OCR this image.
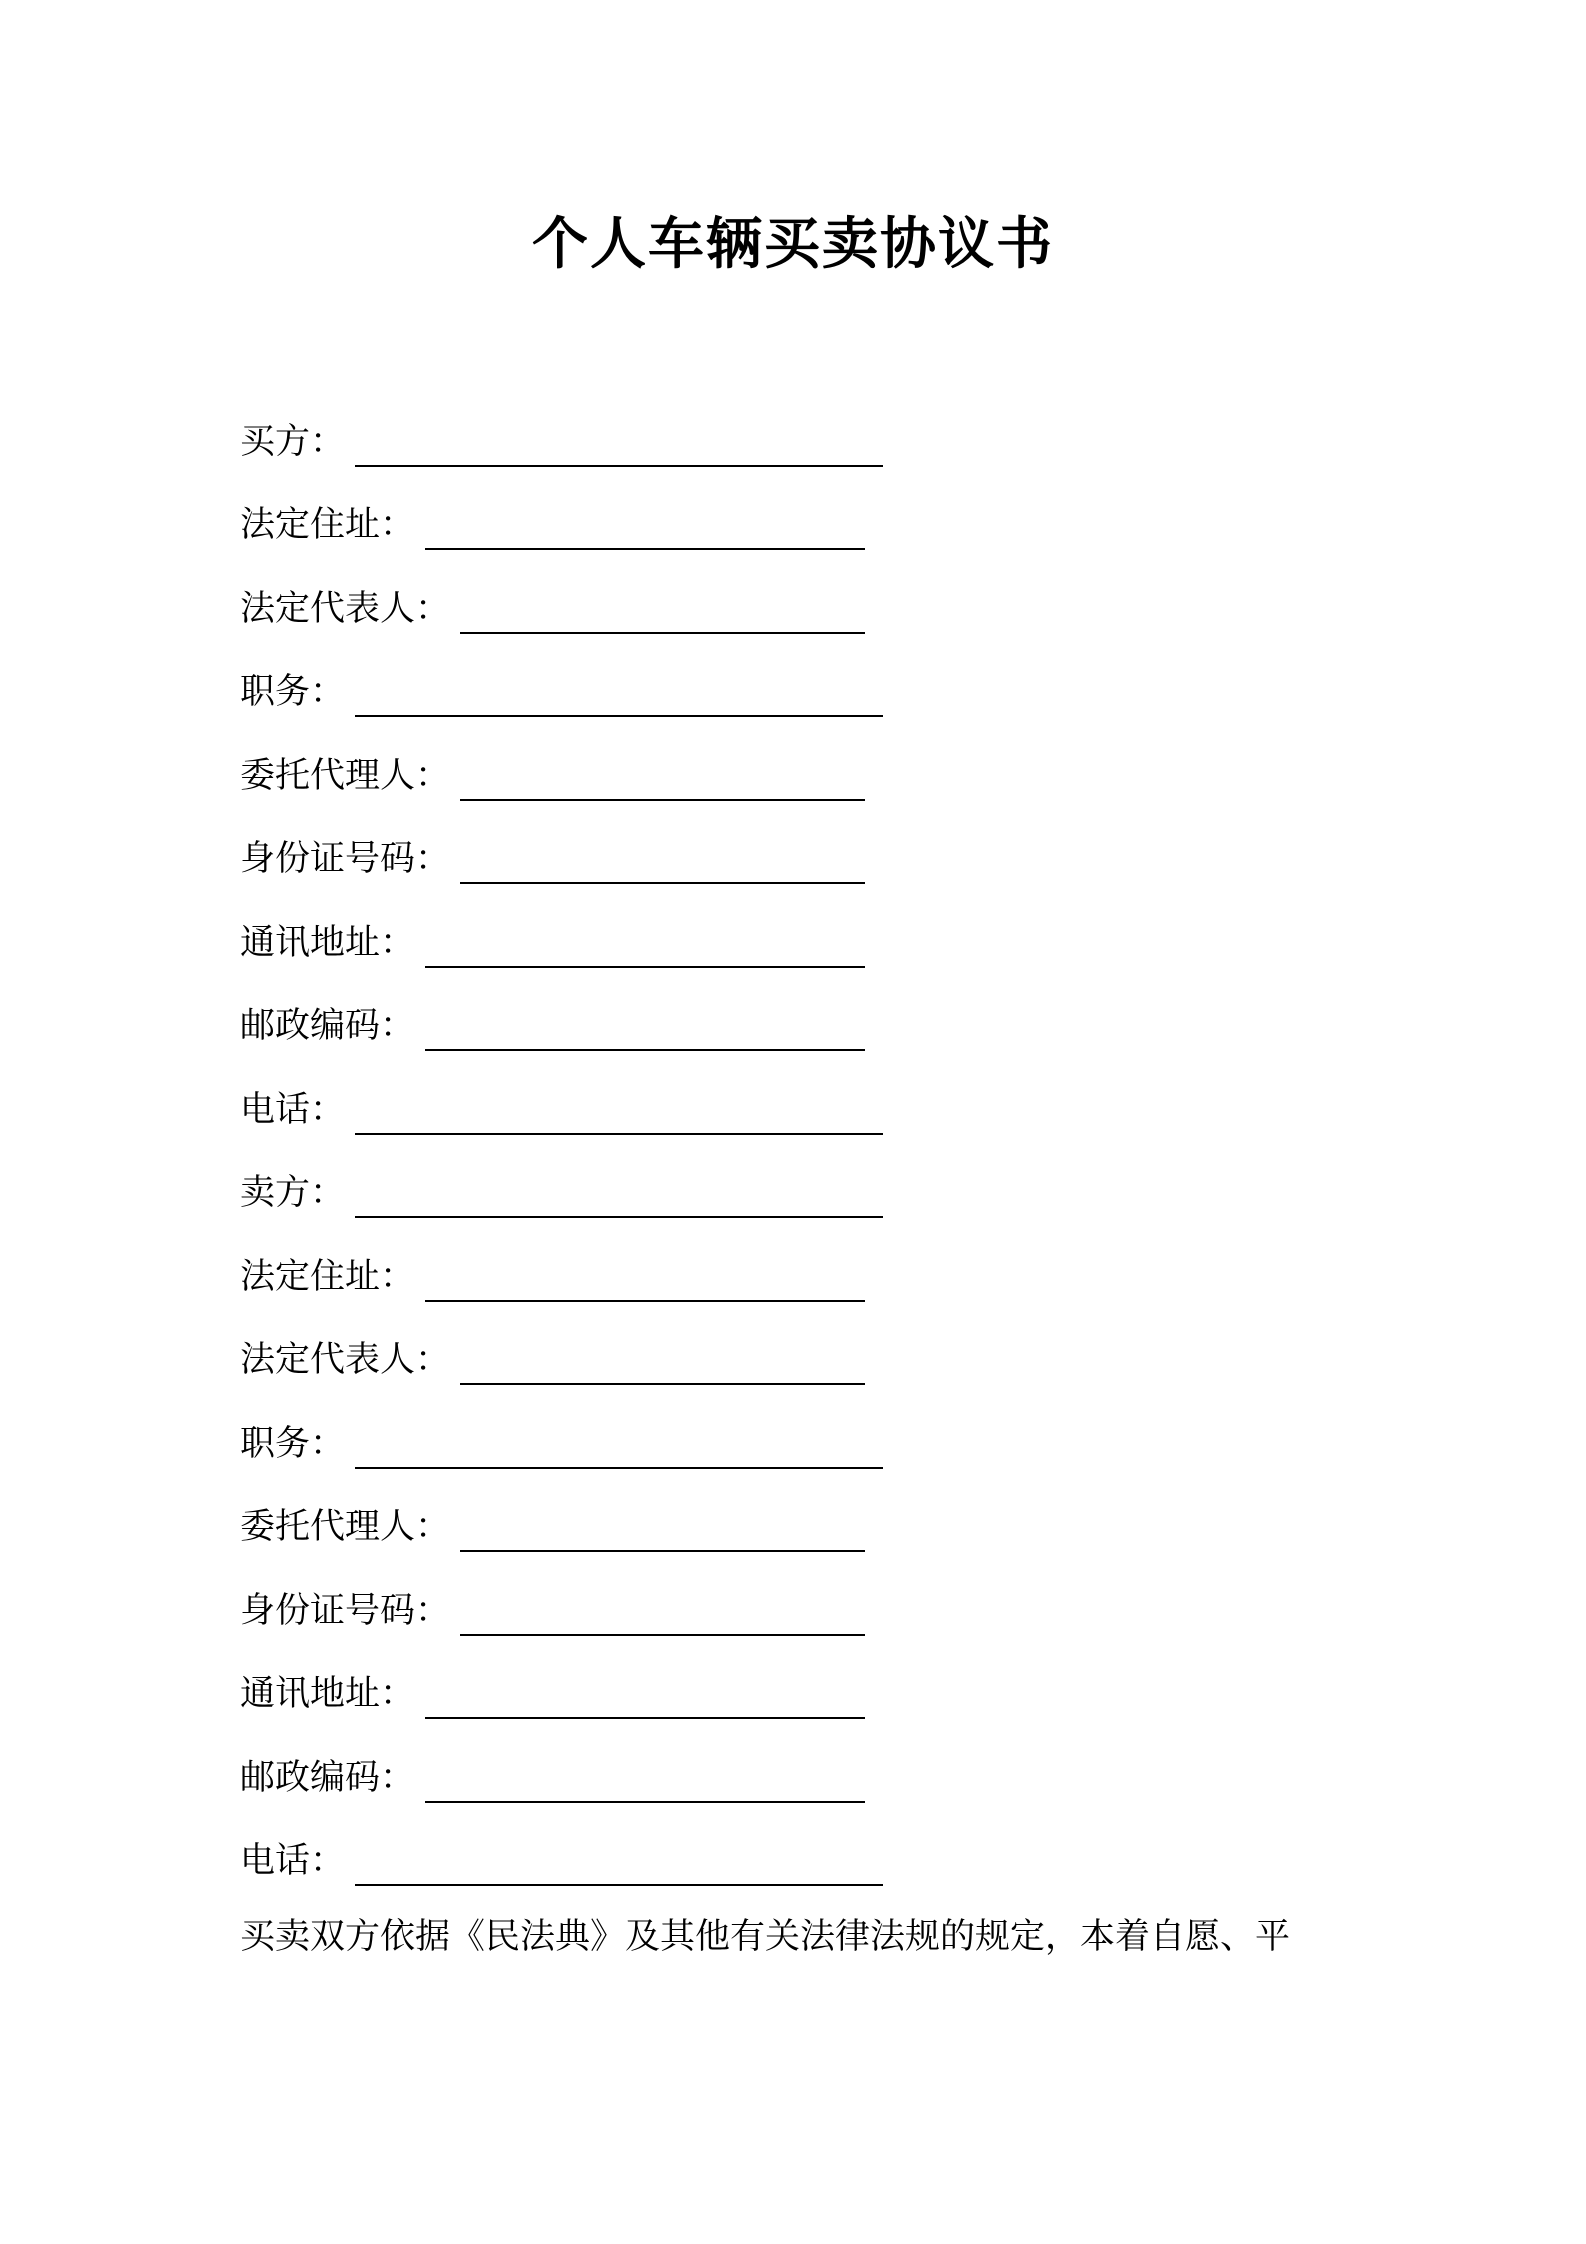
个人车辆买卖协议书
买方 ：
法定住址 ：
法定代表人 ：
职务 ：
委托代理人 ：
身份证号码 ：
通讯地址 ：
邮政编码 ：
电话 ：
卖方 ：
法定住址 ：
法定代表人 ：
职务 ：
委托代理人 ：
身份证号码 ：
通讯地址 ：
邮政编码 ：
电话 ：

买卖双方依据《民法典》及其他有关法律法规的规定，本着自愿、平
